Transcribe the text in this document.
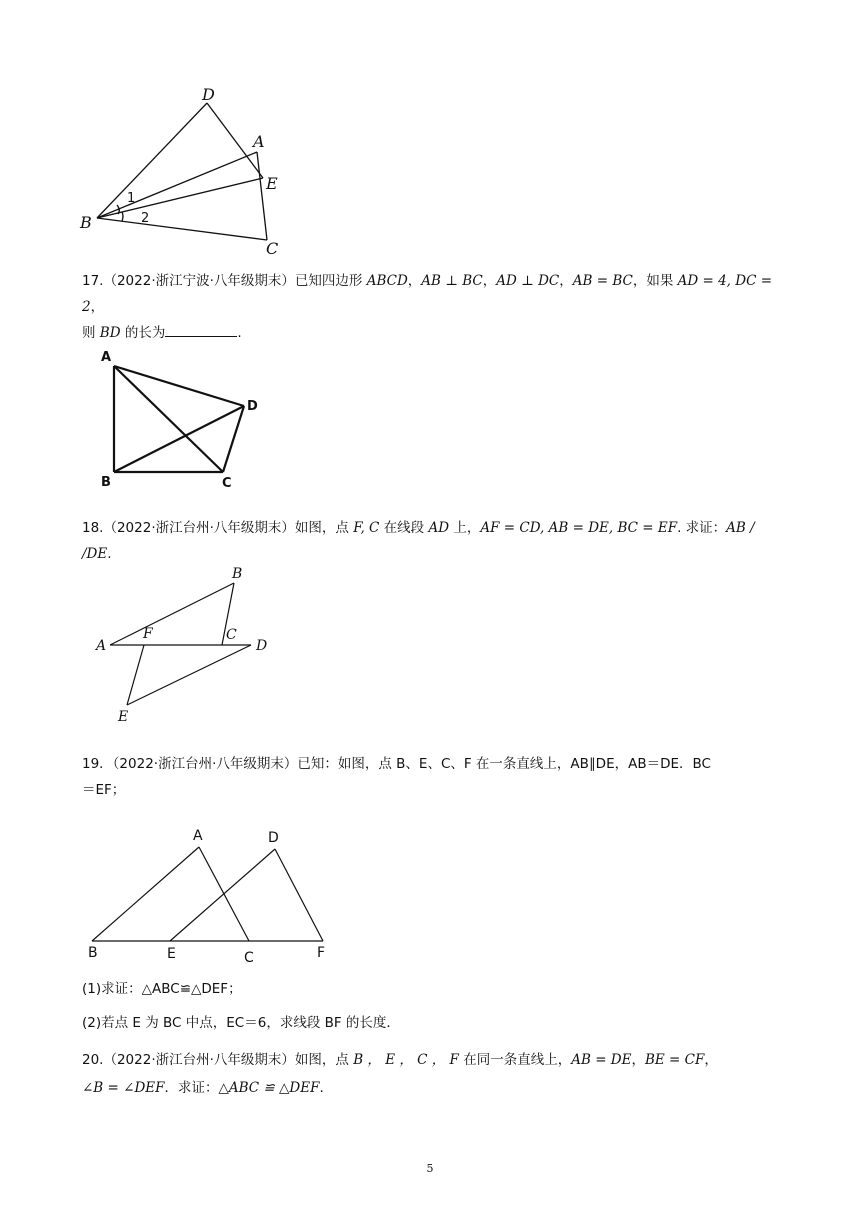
D
A
E
B
C
1
2

17.（2022·浙江宁波·八年级期末）已知四边形 ABCD，AB ⊥ BC，AD ⊥ DC，AB = BC，如果 AD = 4, DC = 2，
则 BD 的长为	.

A
B	C
D

18.（2022·浙江台州·八年级期末）如图，点 F, C 在线段 AD 上，AF = CD, AB = DE, BC = EF. 求证：AB / /DE.

A
B
F	C
D
E

19．（2022·浙江台州·八年级期末）已知：如图，点 B、E、C、F 在一条直线上，AB∥DE，AB＝DE．BC
＝EF；

A	D
B	E	C	F

(1)求证：△ABC≌△DEF；

(2)若点 E 为 BC 中点，EC＝6，求线段 BF 的长度．

20.（2022·浙江台州·八年级期末）如图，点 B ， E ， C ， F 在同一条直线上，AB = DE，BE = CF，
∠B = ∠DEF．求证：△ABC ≌ △DEF.

5
